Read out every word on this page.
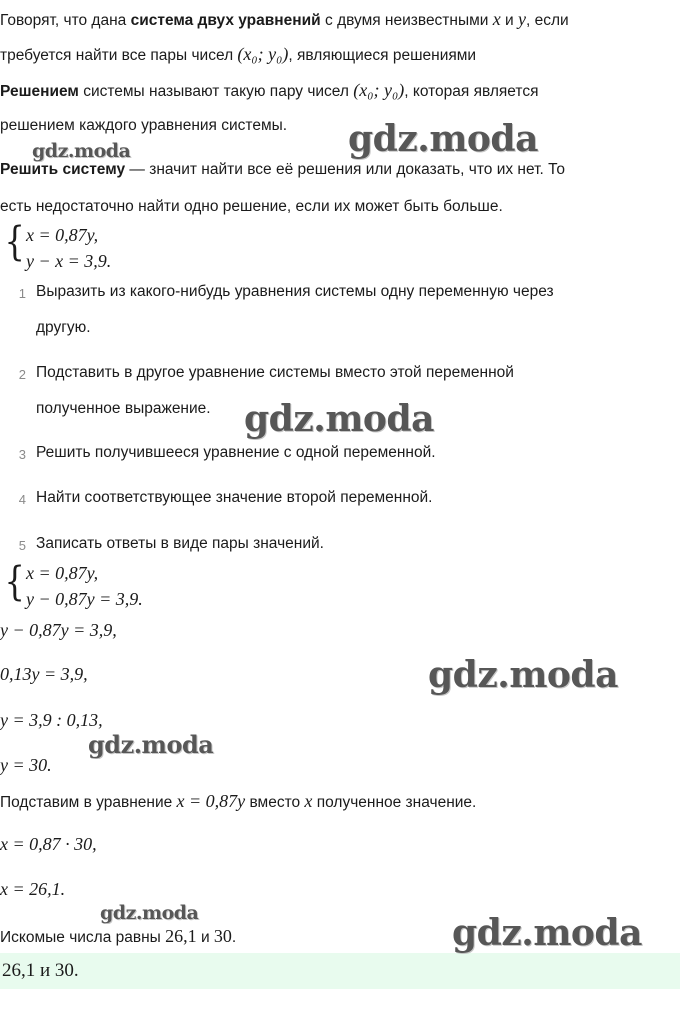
Говорят, что дана система двух уравнений с двумя неизвестными x и y, если
требуется найти все пары чисел (x₀; y₀), являющиеся решениями
Решением системы называют такую пару чисел (x₀; y₀), которая является
решением каждого уравнения системы.
Решить систему — значит найти все её решения или доказать, что их нет. То
есть недостаточно найти одно решение, если их может быть больше.
{ x = 0,87y,
y − x = 3,9.
1 Выразить из какого-нибудь уравнения системы одну переменную через
другую.
2 Подставить в другое уравнение системы вместо этой переменной
полученное выражение.
3 Решить получившееся уравнение с одной переменной.
4 Найти соответствующее значение второй переменной.
5 Записать ответы в виде пары значений.
{ x = 0,87y,
y − 0,87y = 3,9.
y − 0,87y = 3,9,
0,13y = 3,9,
y = 3,9 : 0,13,
y = 30.
Подставим в уравнение x = 0,87y вместо x полученное значение.
x = 0,87 · 30,
x = 26,1.
Искомые числа равны 26,1 и 30.
26,1 и 30.
gdz.moda
gdz.moda
gdz.moda
gdz.moda
gdz.moda
gdz.moda	gdz.moda
